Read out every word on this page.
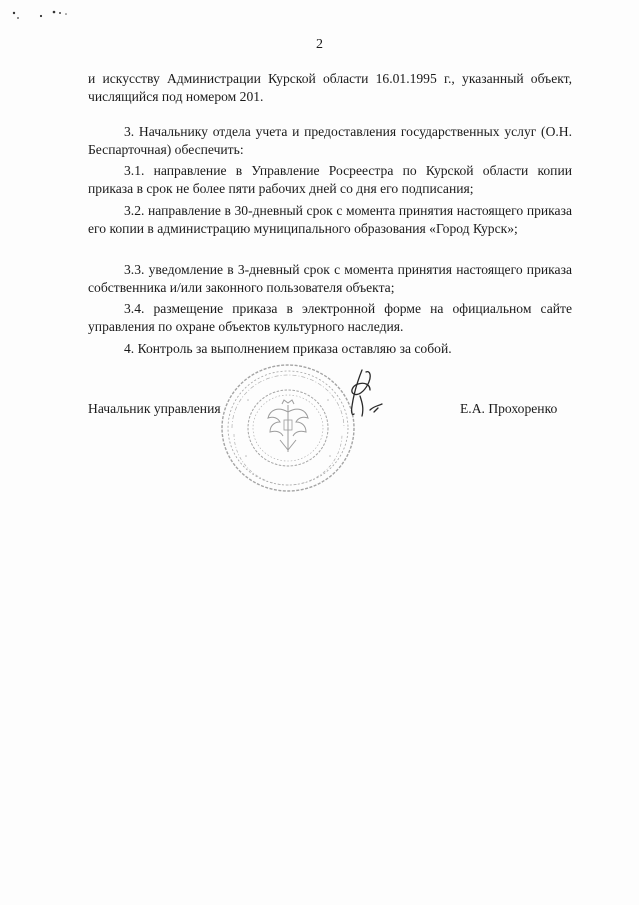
2

и искусству Администрации Курской области 16.01.1995 г., указанный объект, числящийся под номером 201.

3. Начальнику отдела учета и предоставления государственных услуг (О.Н. Беспарточная) обеспечить:

3.1. направление в Управление Росреестра по Курской области копии приказа в срок не более пяти рабочих дней со дня его подписания;

3.2. направление в 30-дневный срок с момента принятия настоящего приказа его копии в администрацию муниципального образования «Город Курск»;

3.3. уведомление в 3-дневный срок с момента принятия настоящего приказа собственника и/или законного пользователя объекта;

3.4. размещение приказа в электронной форме на официальном сайте управления по охране объектов культурного наследия.

4. Контроль за выполнением приказа оставляю за собой.

Начальник управления	Е.А. Прохоренко
